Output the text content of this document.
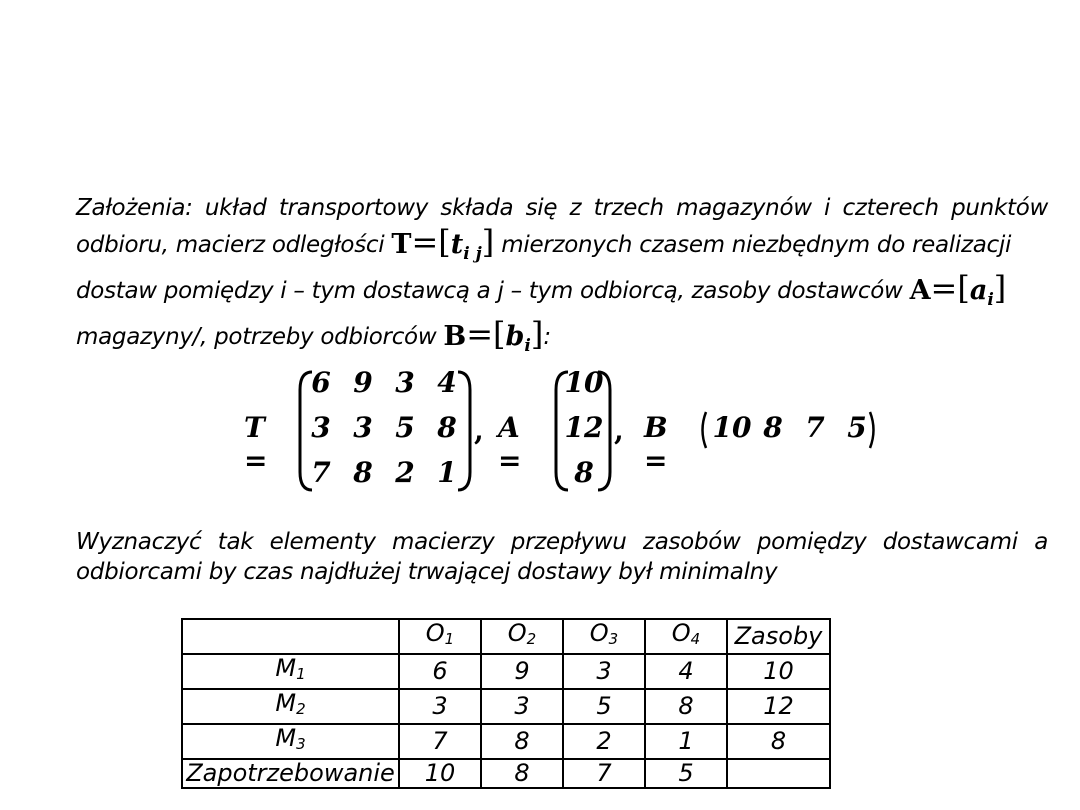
Założenia: układ transportowy składa się z trzech magazynów i czterech punktów
odbioru, macierz odległości $T=[t_{i j}]$ mierzonych czasem niezbędnym do realizacji
dostaw pomiędzy i – tym dostawcą a j – tym odbiorcą, zasoby dostawców $A=[a_i]$
magazyny/, potrzeby odbiorców $B=[b_i]$:
T =
6 9 3 4
3 3 5 8
7 8 2 1
, A =
10
12
8
, B =
10 8 7 5
Wyznaczyć tak elementy macierzy przepływu zasobów pomiędzy dostawcami a
odbiorcami by czas najdłużej trwającej dostawy był minimalny
	$O_1$	$O_2$	$O_3$	$O_4$	Zasoby
$M_1$	6	9	3	4	10
$M_2$	3	3	5	8	12
$M_3$	7	8	2	1	8
Zapotrzebowanie	10	8	7	5	
